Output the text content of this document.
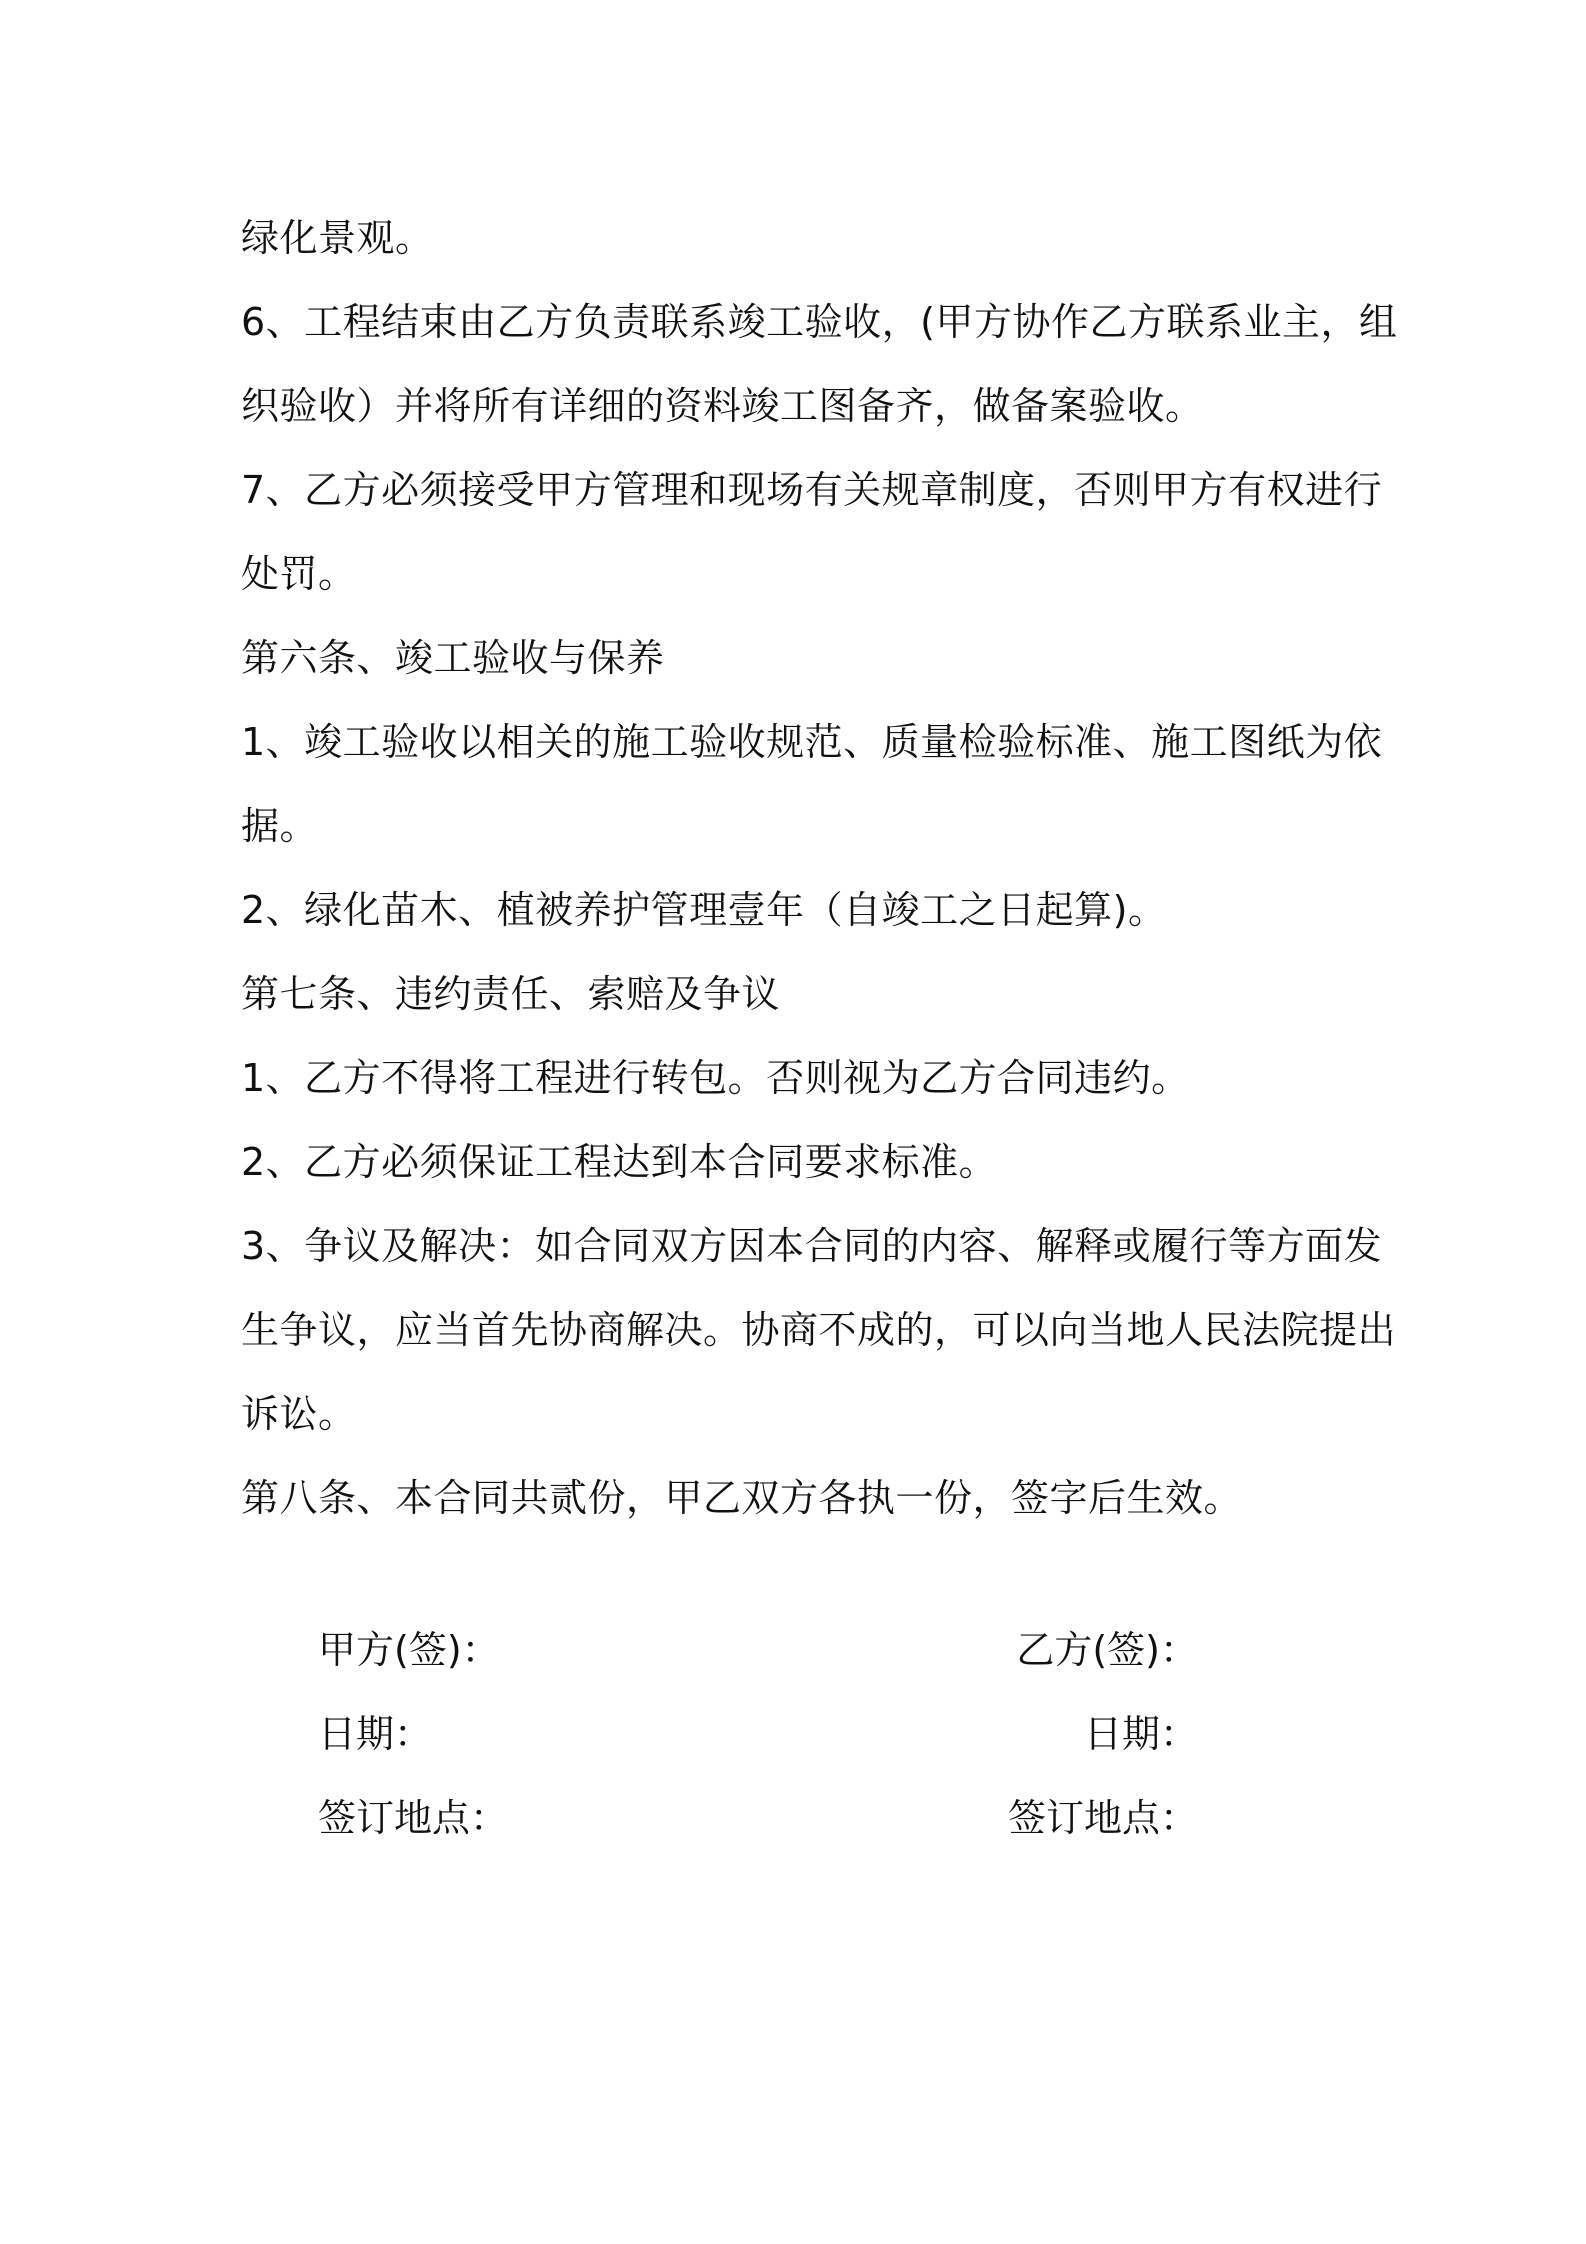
绿化景观。
6、工程结束由乙方负责联系竣工验收，(甲方协作乙方联系业主，组
织验收）并将所有详细的资料竣工图备齐，做备案验收。
7、乙方必须接受甲方管理和现场有关规章制度，否则甲方有权进行
处罚。
第六条、竣工验收与保养
1、竣工验收以相关的施工验收规范、质量检验标准、施工图纸为依
据。
2、绿化苗木、植被养护管理壹年（自竣工之日起算)。
第七条、违约责任、索赔及争议
1、乙方不得将工程进行转包。否则视为乙方合同违约。
2、乙方必须保证工程达到本合同要求标准。
3、争议及解决：如合同双方因本合同的内容、解释或履行等方面发
生争议，应当首先协商解决。协商不成的，可以向当地人民法院提出
诉讼。
第八条、本合同共贰份，甲乙双方各执一份，签字后生效。
甲方(签)：	乙方(签)：
日期：	日期：
签订地点：	签订地点：
